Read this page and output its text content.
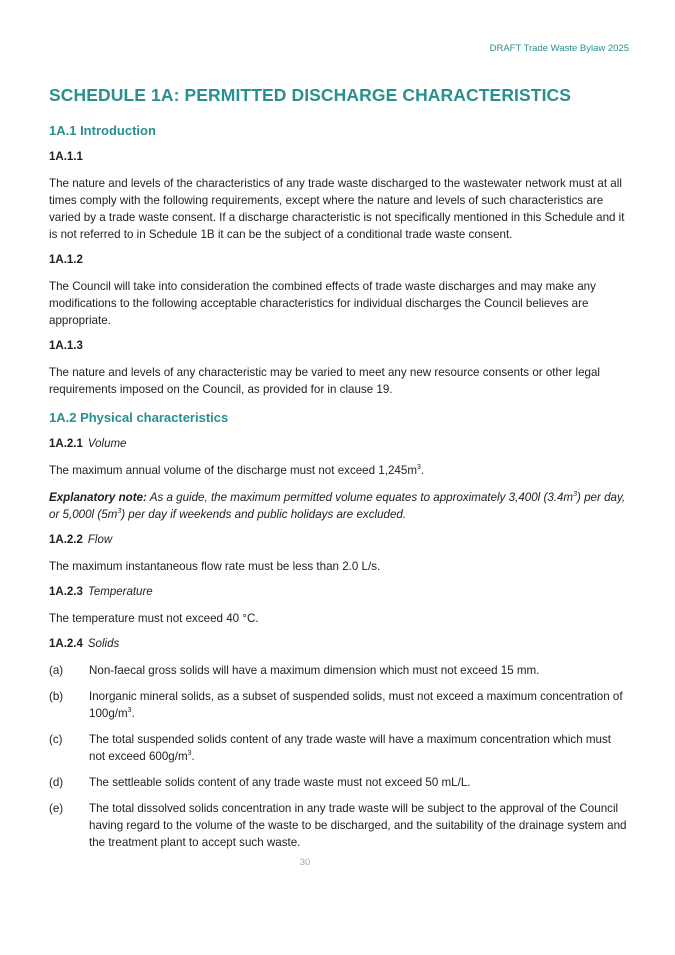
DRAFT Trade Waste Bylaw 2025
SCHEDULE 1A: PERMITTED DISCHARGE CHARACTERISTICS
1A.1 Introduction
1A.1.1

The nature and levels of the characteristics of any trade waste discharged to the wastewater network must at all times comply with the following requirements, except where the nature and levels of such characteristics are varied by a trade waste consent. If a discharge characteristic is not specifically mentioned in this Schedule and it is not referred to in Schedule 1B it can be the subject of a conditional trade waste consent.

1A.1.2

The Council will take into consideration the combined effects of trade waste discharges and may make any modifications to the following acceptable characteristics for individual discharges the Council believes are appropriate.

1A.1.3

The nature and levels of any characteristic may be varied to meet any new resource consents or other legal requirements imposed on the Council, as provided for in clause 19.

1A.2 Physical characteristics
1A.2.1 Volume

The maximum annual volume of the discharge must not exceed $1,245m^3$.

Explanatory note: As a guide, the maximum permitted volume equates to approximately 3,400l $(3.4m^3)$ per day, or 5,000l $(5m^3)$ per day if weekends and public holidays are excluded.

1A.2.2 Flow

The maximum instantaneous flow rate must be less than 2.0 L/s.

1A.2.3 Temperature

The temperature must not exceed 40 °C.

1A.2.4 Solids
(a)	Non-faecal gross solids will have a maximum dimension which must not exceed 15 mm.
(b)	Inorganic mineral solids, as a subset of suspended solids, must not exceed a maximum concentration of $100g/m^3$.
(c)	The total suspended solids content of any trade waste will have a maximum concentration which must not exceed $600g/m^3$.
(d)	The settleable solids content of any trade waste must not exceed 50 mL/L.
(e)	The total dissolved solids concentration in any trade waste will be subject to the approval of the Council having regard to the volume of the waste to be discharged, and the suitability of the drainage system and the treatment plant to accept such waste.
30
